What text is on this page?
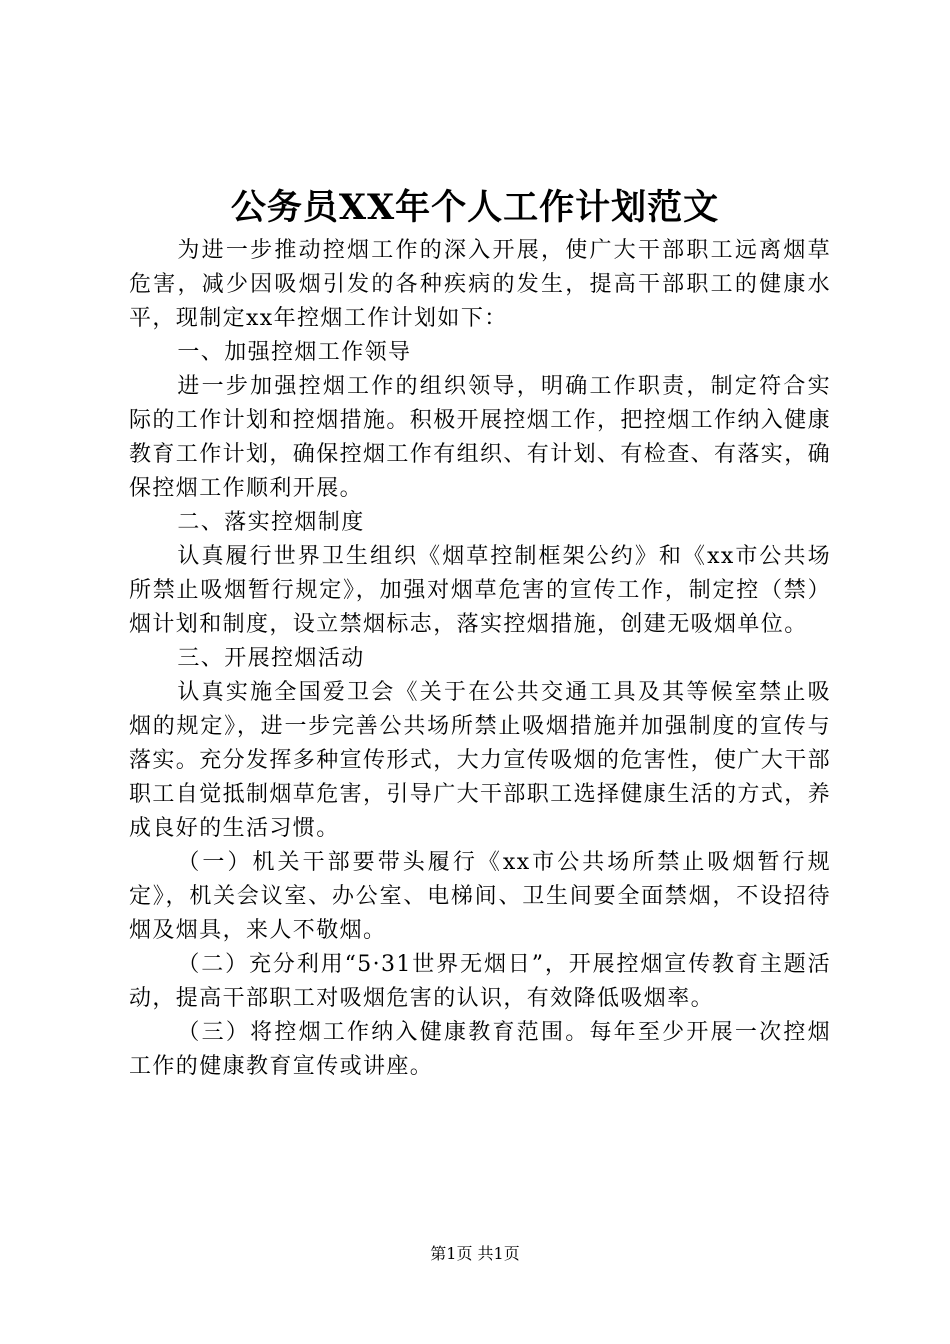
公务员XX年个人工作计划范文

为进一步推动控烟工作的深入开展，使广大干部职工远离烟草危害，减少因吸烟引发的各种疾病的发生，提高干部职工的健康水平，现制定xx年控烟工作计划如下：

一、加强控烟工作领导

进一步加强控烟工作的组织领导，明确工作职责，制定符合实际的工作计划和控烟措施。积极开展控烟工作，把控烟工作纳入健康教育工作计划，确保控烟工作有组织、有计划、有检查、有落实，确保控烟工作顺利开展。

二、落实控烟制度

认真履行世界卫生组织《烟草控制框架公约》和《xx市公共场所禁止吸烟暂行规定》，加强对烟草危害的宣传工作，制定控（禁）烟计划和制度，设立禁烟标志，落实控烟措施，创建无吸烟单位。

三、开展控烟活动

认真实施全国爱卫会《关于在公共交通工具及其等候室禁止吸烟的规定》，进一步完善公共场所禁止吸烟措施并加强制度的宣传与落实。充分发挥多种宣传形式，大力宣传吸烟的危害性，使广大干部职工自觉抵制烟草危害，引导广大干部职工选择健康生活的方式，养成良好的生活习惯。

（一）机关干部要带头履行《xx市公共场所禁止吸烟暂行规定》，机关会议室、办公室、电梯间、卫生间要全面禁烟，不设招待烟及烟具，来人不敬烟。

（二）充分利用“5·31世界无烟日”，开展控烟宣传教育主题活动，提高干部职工对吸烟危害的认识，有效降低吸烟率。

（三）将控烟工作纳入健康教育范围。每年至少开展一次控烟工作的健康教育宣传或讲座。

第1页 共1页
